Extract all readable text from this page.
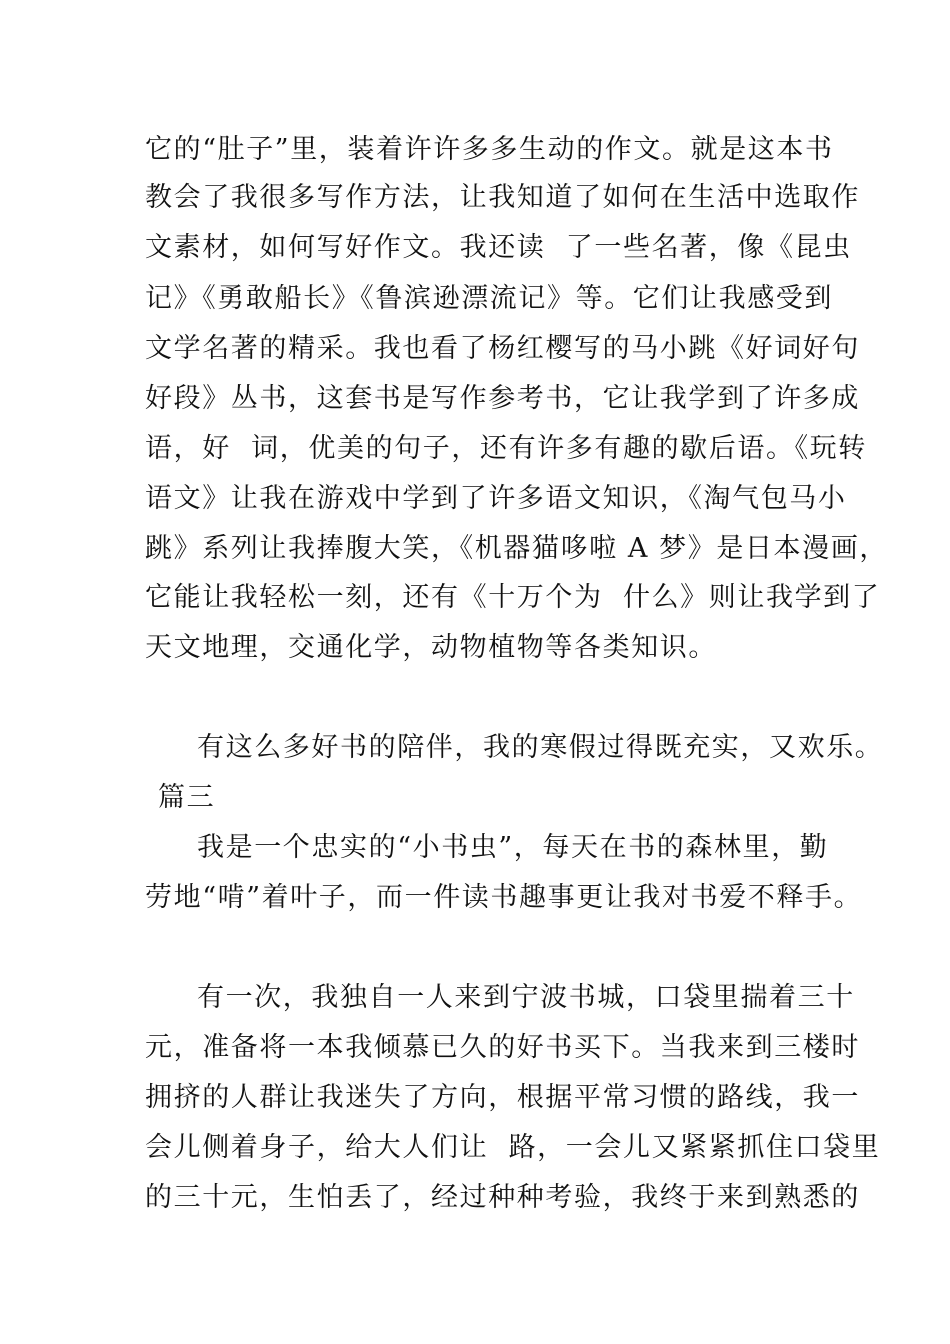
它的“肚子”里，装着许许多多生动的作文。就是这本书
教会了我很多写作方法，让我知道了如何在生活中选取作
文素材，如何写好作文。我还读  了一些名著，像《昆虫
记》《勇敢船长》《鲁滨逊漂流记》等。它们让我感受到
文学名著的精采。我也看了杨红樱写的马小跳《好词好句
好段》丛书，这套书是写作参考书，它让我学到了许多成
语，好  词，优美的句子，还有许多有趣的歇后语。《玩转
语文》让我在游戏中学到了许多语文知识，《淘气包马小
跳》系列让我捧腹大笑，《机器猫哆啦 A 梦》是日本漫画，
它能让我轻松一刻，还有《十万个为  什么》则让我学到了
天文地理，交通化学，动物植物等各类知识。
有这么多好书的陪伴，我的寒假过得既充实，又欢乐。
篇三
我是一个忠实的“小书虫”，每天在书的森林里，勤
劳地“啃”着叶子，而一件读书趣事更让我对书爱不释手。
有一次，我独自一人来到宁波书城，口袋里揣着三十
元，准备将一本我倾慕已久的好书买下。当我来到三楼时
拥挤的人群让我迷失了方向，根据平常习惯的路线，我一
会儿侧着身子，给大人们让  路，一会儿又紧紧抓住口袋里
的三十元，生怕丢了，经过种种考验，我终于来到熟悉的
